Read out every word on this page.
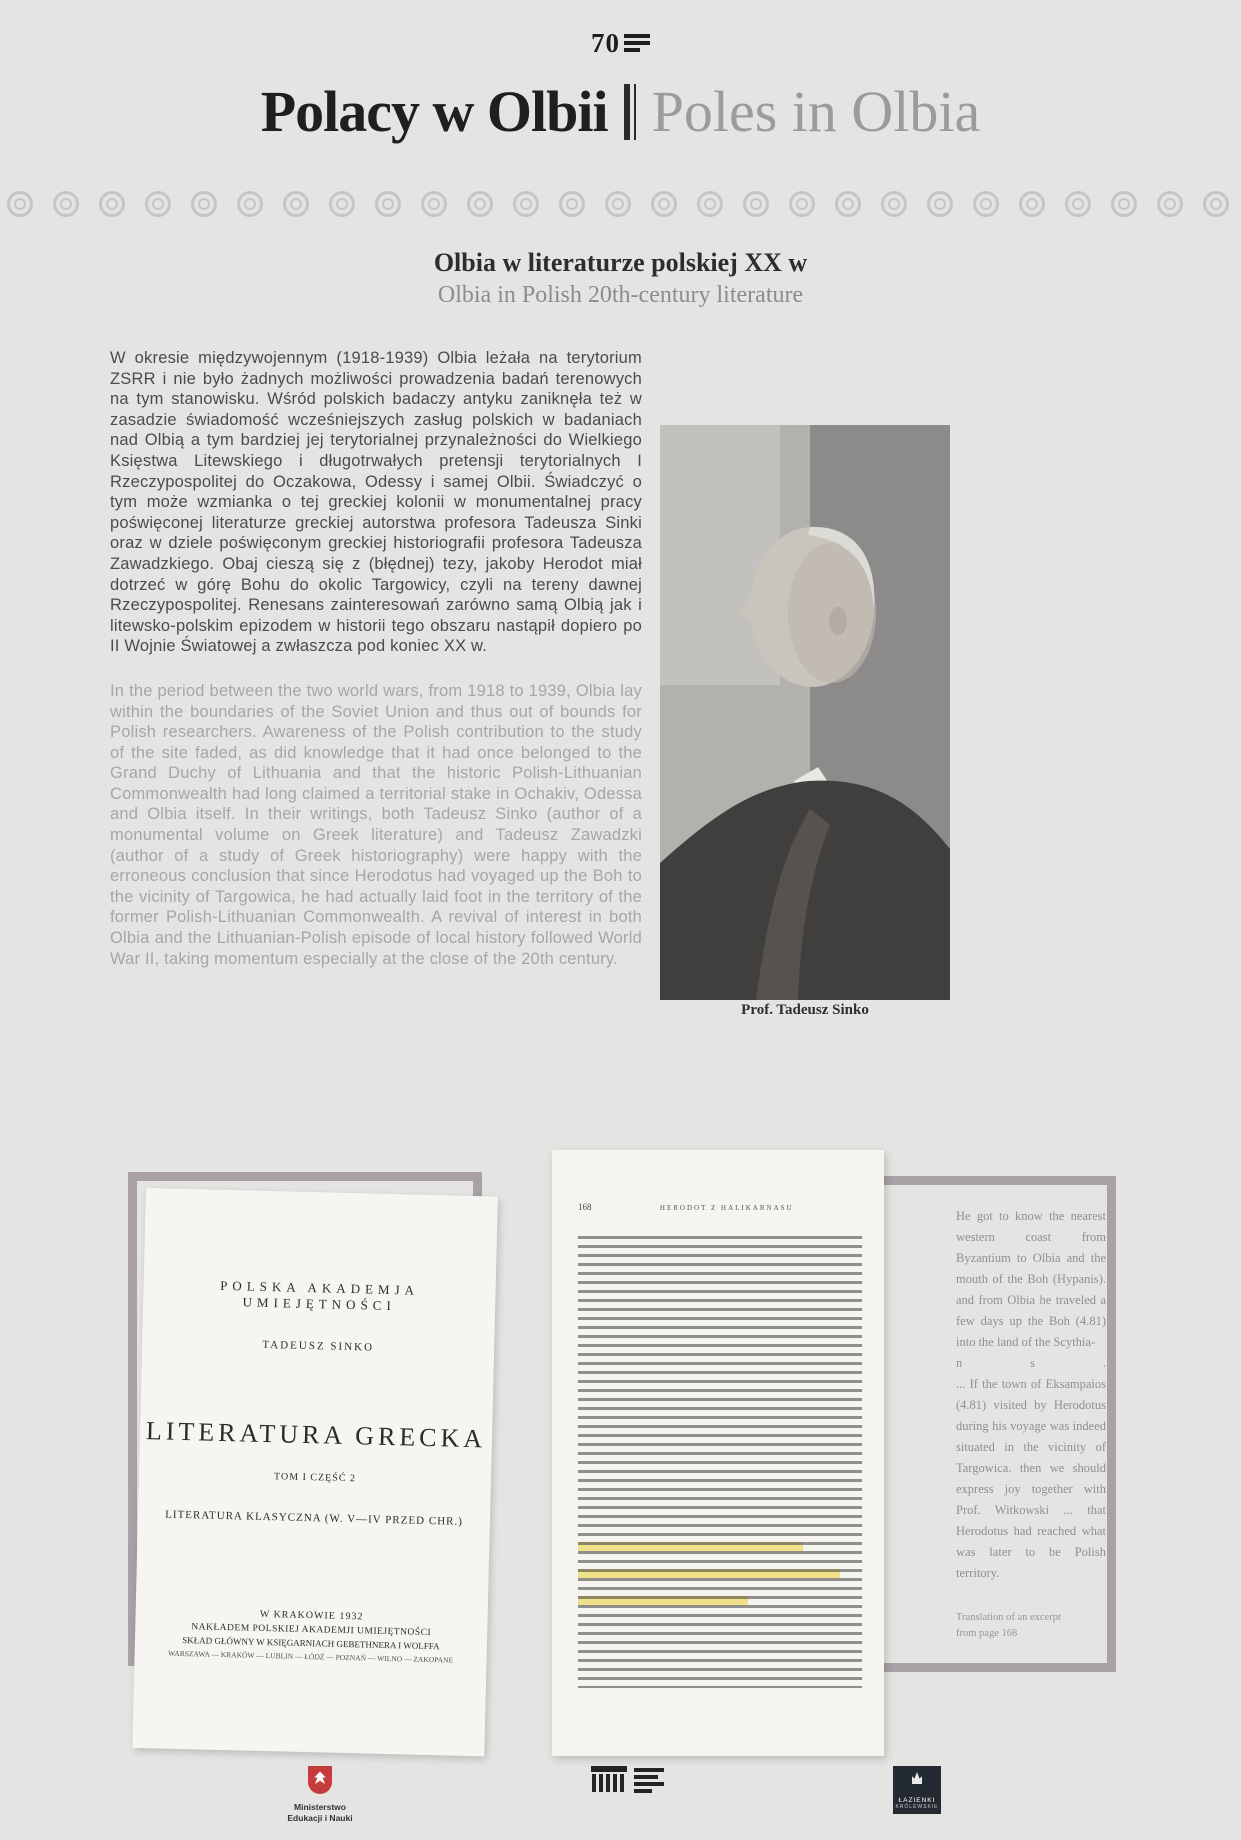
70
Polacy w Olbii Poles in Olbia
Olbia w literaturze polskiej XX w
Olbia in Polish 20th-century literature

W okresie międzywojennym (1918-1939) Olbia leżała na terytorium ZSRR i nie było żadnych możliwości prowadzenia badań terenowych na tym stanowisku. Wśród polskich badaczy antyku zaniknęła też w zasadzie świadomość wcześniejszych zasług polskich w badaniach nad Olbią a tym bardziej jej terytorialnej przynależności do Wielkiego Księstwa Litewskiego i długotrwałych pretensji terytorialnych I Rzeczypospolitej do Oczakowa, Odessy i samej Olbii. Świadczyć o tym może wzmianka o tej greckiej kolonii w monumentalnej pracy poświęconej literaturze greckiej autorstwa profesora Tadeusza Sinki oraz w dziele poświęconym greckiej historiografii profesora Tadeusza Zawadzkiego. Obaj cieszą się z (błędnej) tezy, jakoby Herodot miał dotrzeć w górę Bohu do okolic Targowicy, czyli na tereny dawnej Rzeczypospolitej. Renesans zainteresowań zarówno samą Olbią jak i litewsko-polskim epizodem w historii tego obszaru nastąpił dopiero po II Wojnie Światowej a zwłaszcza pod koniec XX w.

In the period between the two world wars, from 1918 to 1939, Olbia lay within the boundaries of the Soviet Union and thus out of bounds for Polish researchers. Awareness of the Polish contribution to the study of the site faded, as did knowledge that it had once belonged to the Grand Duchy of Lithuania and that the historic Polish-Lithuanian Commonwealth had long claimed a territorial stake in Ochakiv, Odessa and Olbia itself. In their writings, both Tadeusz Sinko (author of a monumental volume on Greek literature) and Tadeusz Zawadzki (author of a study of Greek historiography) were happy with the erroneous conclusion that since Herodotus had voyaged up the Boh to the vicinity of Targowica, he had actually laid foot in the territory of the former Polish-Lithuanian Commonwealth. A revival of interest in both Olbia and the Lithuanian-Polish episode of local history followed World War II, taking momentum especially at the close of the 20th century.

Prof. Tadeusz Sinko
POLSKA AKADEMJA UMIEJĘTNOŚCI
TADEUSZ SINKO
LITERATURA GRECKA
TOM I CZĘŚĆ 2
LITERATURA KLASYCZNA (W. V—IV PRZED CHR.)
W KRAKOWIE 1932
NAKŁADEM POLSKIEJ AKADEMJI UMIEJĘTNOŚCI
SKŁAD GŁÓWNY W KSIĘGARNIACH GEBETHNERA I WOLFFA
WARSZAWA — KRAKÓW — LUBLIN — ŁÓDŹ — POZNAŃ — WILNO — ZAKOPANE
168	HERODOT Z HALIKARNASU

He got to know the nearest western coast from Byzantium to Olbia and the mouth of the Boh (Hypanis). and from Olbia he traveled a few days up the Boh (4.81) into the land of the Scythia-

n	s	.

... If the town of Eksampaios (4.81) visited by Herodotus during his voyage was indeed situated in the vicinity of Targowica. then we should express joy together with Prof. Witkowski ... that Herodotus had reached what was later to be Polish territory.

Translation of an excerpt
from page 168
Ministerstwo
Edukacji i Nauki
ŁAZIENKI
KRÓLEWSKIE
